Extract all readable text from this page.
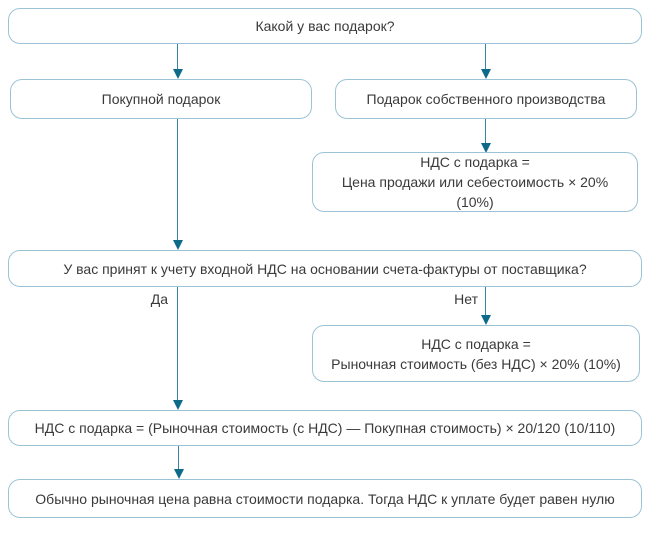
Какой у вас подарок?
Покупной подарок	Подарок собственного производства
НДС с подарка =
Цена продажи или себестоимость × 20% (10%)
У вас принят к учету входной НДС на основании счета-фактуры от поставщика?
Да	Нет
НДС с подарка =
Рыночная стоимость (без НДС) × 20% (10%)
НДС с подарка = (Рыночная стоимость (с НДС) — Покупная стоимость) × 20/120 (10/110)
Обычно рыночная цена равна стоимости подарка. Тогда НДС к уплате будет равен нулю
